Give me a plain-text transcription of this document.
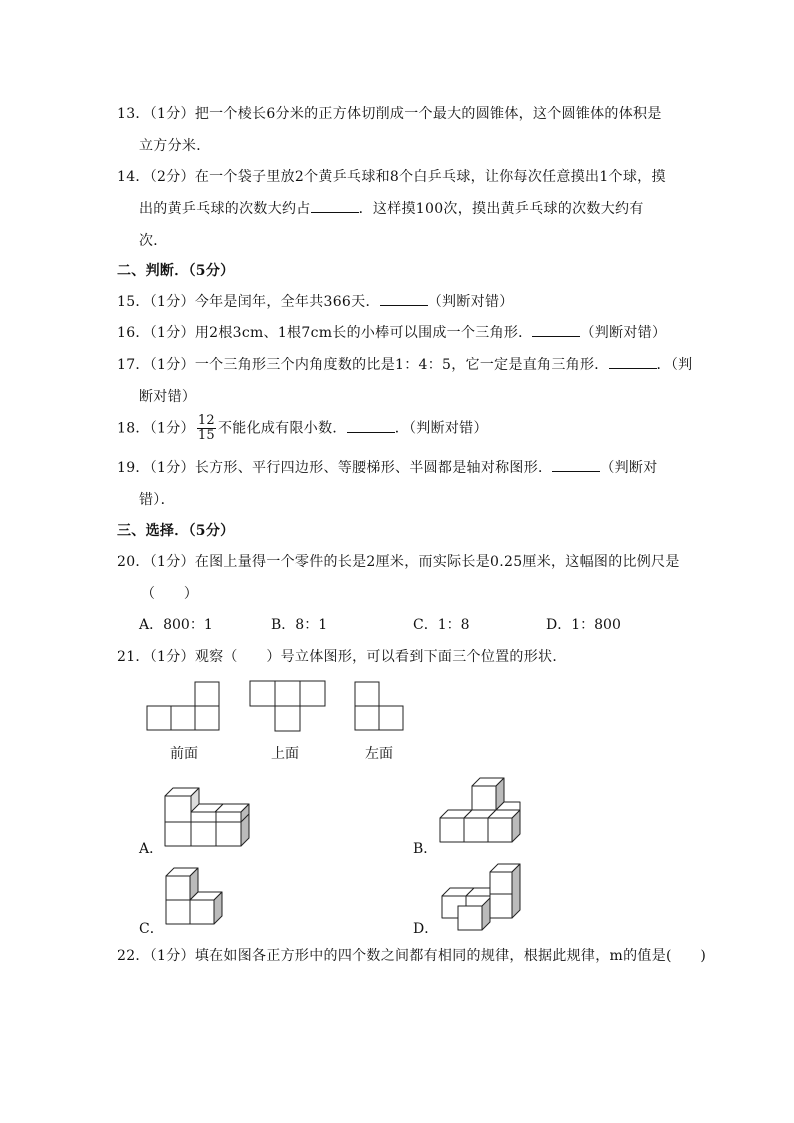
13．（1分）把一个棱长6分米的正方体切削成一个最大的圆锥体，这个圆锥体的体积是
立方分米．
14．（2分）在一个袋子里放2个黄乒乓球和8个白乒乓球，让你每次任意摸出1个球，摸
出的黄乒乓球的次数大约占	．这样摸100次，摸出黄乒乓球的次数大约有
次．
二、判断．（5分）
15．（1分）今年是闰年，全年共366天．	（判断对错）
16．（1分）用2根3cm、1根7cm长的小棒可以围成一个三角形．	（判断对错）
17．（1分）一个三角形三个内角度数的比是1：4：5，它一定是直角三角形．	．（判
断对错）
18．（1分） $\frac{12}{15}$ 不能化成有限小数．	．（判断对错）
19．（1分）长方形、平行四边形、等腰梯形、半圆都是轴对称图形．	（判断对
错）．
三、选择．（5分）
20．（1分）在图上量得一个零件的长是2厘米，而实际长是0.25厘米，这幅图的比例尺是
（　　）
A．800：1	B．8：1	C．1：8	D．1：800
21．（1分）观察（　　）号立体图形，可以看到下面三个位置的形状．
前面	上面	左面
A．	B．
C．	D．
22．（1分）填在如图各正方形中的四个数之间都有相同的规律，根据此规律，m的值是(　　)
